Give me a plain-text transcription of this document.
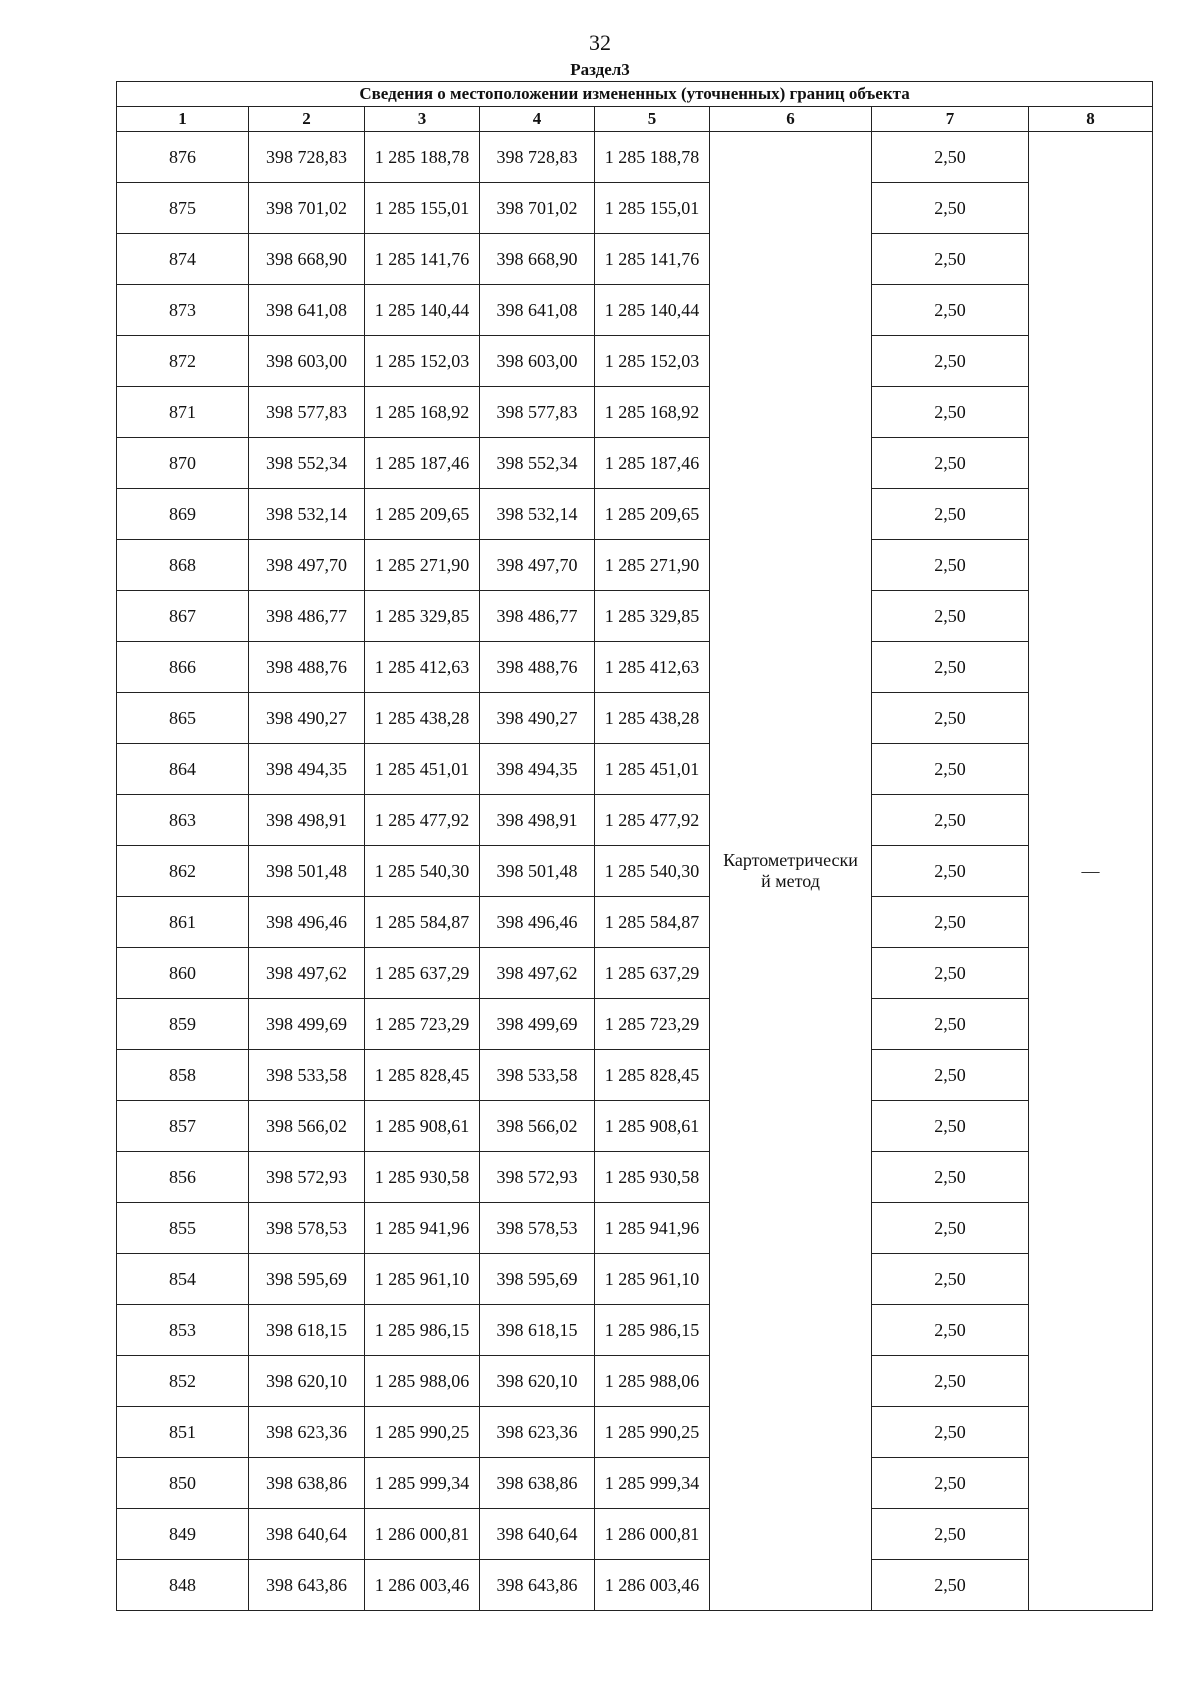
32
Раздел3
Сведения о местоположении измененных (уточненных) границ объекта							
1	2	3	4	5	6	7	8
876	398 728,83	1 285 188,78	398 728,83	1 285 188,78	Картометрически
й метод	2,50	—
875	398 701,02	1 285 155,01	398 701,02	1 285 155,01		2,50	
874	398 668,90	1 285 141,76	398 668,90	1 285 141,76		2,50	
873	398 641,08	1 285 140,44	398 641,08	1 285 140,44		2,50	
872	398 603,00	1 285 152,03	398 603,00	1 285 152,03		2,50	
871	398 577,83	1 285 168,92	398 577,83	1 285 168,92		2,50	
870	398 552,34	1 285 187,46	398 552,34	1 285 187,46		2,50	
869	398 532,14	1 285 209,65	398 532,14	1 285 209,65		2,50	
868	398 497,70	1 285 271,90	398 497,70	1 285 271,90		2,50	
867	398 486,77	1 285 329,85	398 486,77	1 285 329,85		2,50	
866	398 488,76	1 285 412,63	398 488,76	1 285 412,63		2,50	
865	398 490,27	1 285 438,28	398 490,27	1 285 438,28		2,50	
864	398 494,35	1 285 451,01	398 494,35	1 285 451,01		2,50	
863	398 498,91	1 285 477,92	398 498,91	1 285 477,92		2,50	
862	398 501,48	1 285 540,30	398 501,48	1 285 540,30		2,50	
861	398 496,46	1 285 584,87	398 496,46	1 285 584,87		2,50	
860	398 497,62	1 285 637,29	398 497,62	1 285 637,29		2,50	
859	398 499,69	1 285 723,29	398 499,69	1 285 723,29		2,50	
858	398 533,58	1 285 828,45	398 533,58	1 285 828,45		2,50	
857	398 566,02	1 285 908,61	398 566,02	1 285 908,61		2,50	
856	398 572,93	1 285 930,58	398 572,93	1 285 930,58		2,50	
855	398 578,53	1 285 941,96	398 578,53	1 285 941,96		2,50	
854	398 595,69	1 285 961,10	398 595,69	1 285 961,10		2,50	
853	398 618,15	1 285 986,15	398 618,15	1 285 986,15		2,50	
852	398 620,10	1 285 988,06	398 620,10	1 285 988,06		2,50	
851	398 623,36	1 285 990,25	398 623,36	1 285 990,25		2,50	
850	398 638,86	1 285 999,34	398 638,86	1 285 999,34		2,50	
849	398 640,64	1 286 000,81	398 640,64	1 286 000,81		2,50	
848	398 643,86	1 286 003,46	398 643,86	1 286 003,46		2,50	
